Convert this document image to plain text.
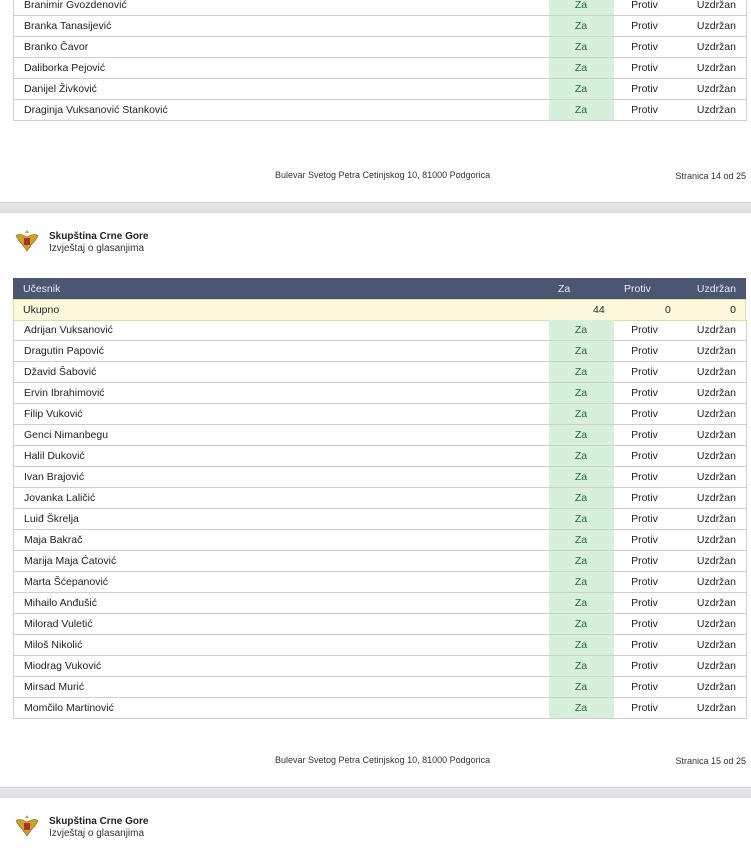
Branimir Gvozdenović	Za	Protiv	Uzdržan
Branka Tanasijević	Za	Protiv	Uzdržan
Branko Čavor	Za	Protiv	Uzdržan
Daliborka Pejović	Za	Protiv	Uzdržan
Danijel Živković	Za	Protiv	Uzdržan
Draginja Vuksanović Stanković	Za	Protiv	Uzdržan
Bulevar Svetog Petra Cetinjskog 10, 81000 Podgorica	Stranica 14 od 25
Skupština Crne Gore
Izvještaj o glasanjima
Učesnik	Za	Protiv	Uzdržan
Ukupno	44	0	0
Adrijan Vuksanović	Za	Protiv	Uzdržan
Dragutin Papović	Za	Protiv	Uzdržan
Džavid Šabović	Za	Protiv	Uzdržan
Ervin Ibrahimović	Za	Protiv	Uzdržan
Filip Vuković	Za	Protiv	Uzdržan
Genci Nimanbegu	Za	Protiv	Uzdržan
Halil Duković	Za	Protiv	Uzdržan
Ivan Brajović	Za	Protiv	Uzdržan
Jovanka Laličić	Za	Protiv	Uzdržan
Luiđ Škrelja	Za	Protiv	Uzdržan
Maja Bakrač	Za	Protiv	Uzdržan
Marija Maja Ćatović	Za	Protiv	Uzdržan
Marta Šćepanović	Za	Protiv	Uzdržan
Mihailo Anđušić	Za	Protiv	Uzdržan
Milorad Vuletić	Za	Protiv	Uzdržan
Miloš Nikolić	Za	Protiv	Uzdržan
Miodrag Vuković	Za	Protiv	Uzdržan
Mirsad Murić	Za	Protiv	Uzdržan
Momčilo Martinović	Za	Protiv	Uzdržan
Bulevar Svetog Petra Cetinjskog 10, 81000 Podgorica	Stranica 15 od 25
Skupština Crne Gore
Izvještaj o glasanjima
